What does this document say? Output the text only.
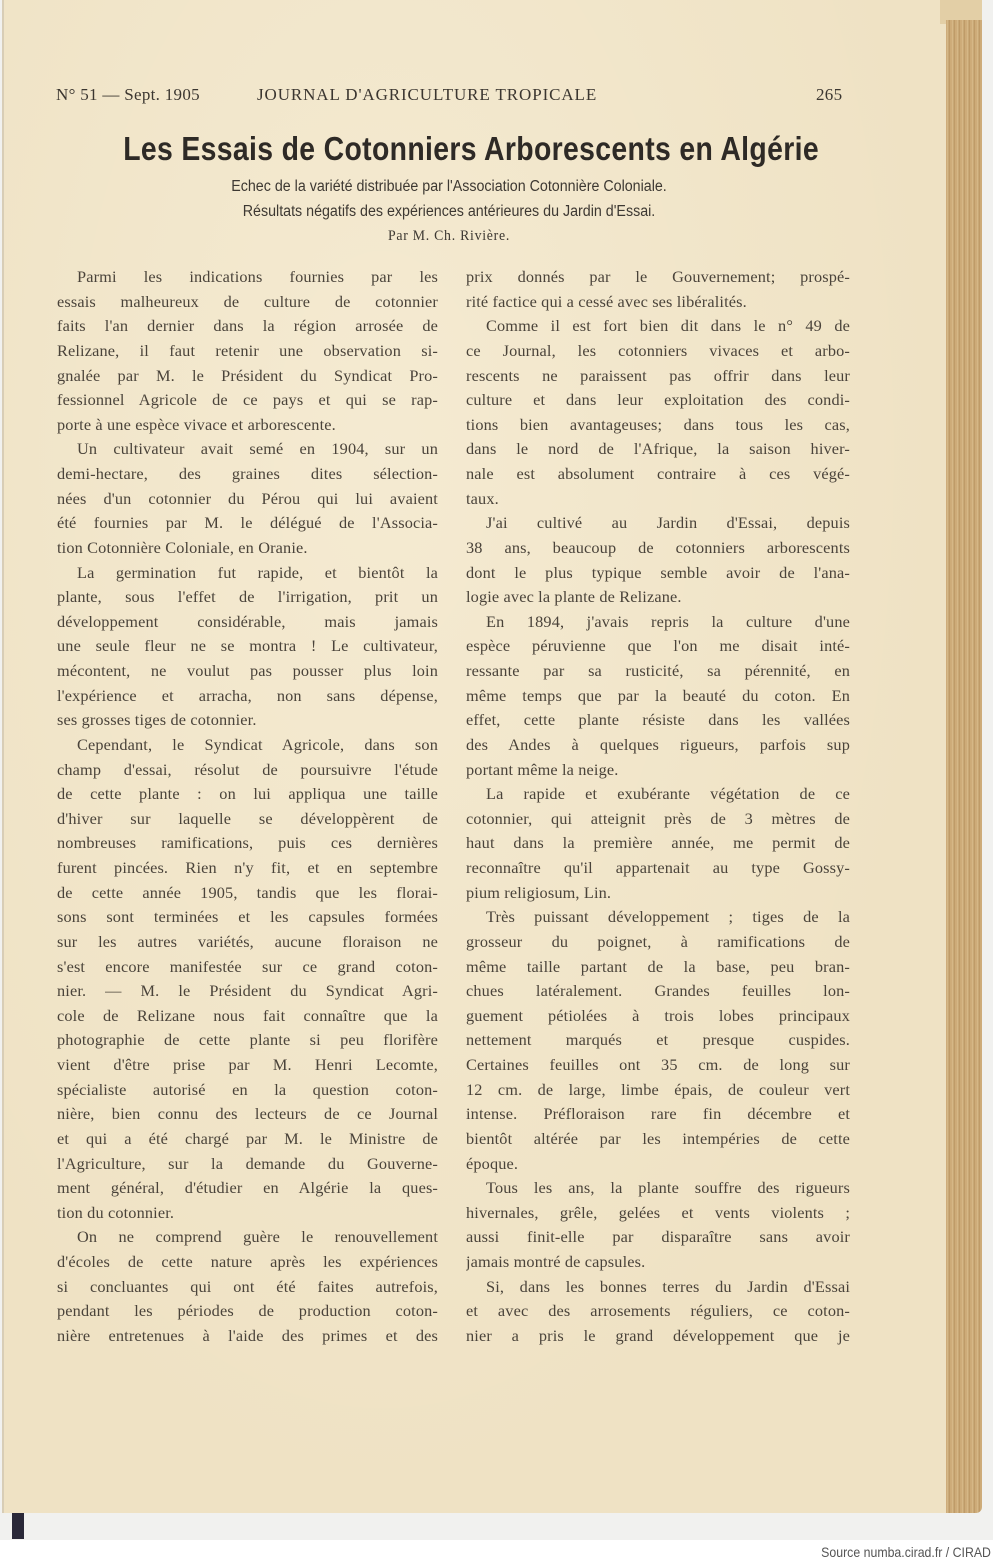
N° 51 — Sept. 1905	JOURNAL D'AGRICULTURE TROPICALE	265
Les Essais de Cotonniers Arborescents en Algérie
Echec de la variété distribuée par l'Association Cotonnière Coloniale.
Résultats négatifs des expériences antérieures du Jardin d'Essai.
Par M. Ch. Rivière.
Parmi les indications fournies par les
essais malheureux de culture de cotonnier
faits l'an dernier dans la région arrosée de
Relizane, il faut retenir une observation si-
gnalée par M. le Président du Syndicat Pro-
fessionnel Agricole de ce pays et qui se rap-
porte à une espèce vivace et arborescente.
Un cultivateur avait semé en 1904, sur un
demi-hectare, des graines dites sélection-
nées d'un cotonnier du Pérou qui lui avaient
été fournies par M. le délégué de l'Associa-
tion Cotonnière Coloniale, en Oranie.
La germination fut rapide, et bientôt la
plante, sous l'effet de l'irrigation, prit un
développement considérable, mais jamais
une seule fleur ne se montra ! Le cultivateur,
mécontent, ne voulut pas pousser plus loin
l'expérience et arracha, non sans dépense,
ses grosses tiges de cotonnier.
Cependant, le Syndicat Agricole, dans son
champ d'essai, résolut de poursuivre l'étude
de cette plante : on lui appliqua une taille
d'hiver sur laquelle se développèrent de
nombreuses ramifications, puis ces dernières
furent pincées. Rien n'y fit, et en septembre
de cette année 1905, tandis que les florai-
sons sont terminées et les capsules formées
sur les autres variétés, aucune floraison ne
s'est encore manifestée sur ce grand coton-
nier. — M. le Président du Syndicat Agri-
cole de Relizane nous fait connaître que la
photographie de cette plante si peu florifère
vient d'être prise par M. Henri Lecomte,
spécialiste autorisé en la question coton-
nière, bien connu des lecteurs de ce Journal
et qui a été chargé par M. le Ministre de
l'Agriculture, sur la demande du Gouverne-
ment général, d'étudier en Algérie la ques-
tion du cotonnier.
On ne comprend guère le renouvellement
d'écoles de cette nature après les expériences
si concluantes qui ont été faites autrefois,
pendant les périodes de production coton-
nière entretenues à l'aide des primes et des
prix donnés par le Gouvernement; prospé-
rité factice qui a cessé avec ses libéralités.
Comme il est fort bien dit dans le n° 49 de
ce Journal, les cotonniers vivaces et arbo-
rescents ne paraissent pas offrir dans leur
culture et dans leur exploitation des condi-
tions bien avantageuses; dans tous les cas,
dans le nord de l'Afrique, la saison hiver-
nale est absolument contraire à ces végé-
taux.
J'ai cultivé au Jardin d'Essai, depuis
38 ans, beaucoup de cotonniers arborescents
dont le plus typique semble avoir de l'ana-
logie avec la plante de Relizane.
En 1894, j'avais repris la culture d'une
espèce péruvienne que l'on me disait inté-
ressante par sa rusticité, sa pérennité, en
même temps que par la beauté du coton. En
effet, cette plante résiste dans les vallées
des Andes à quelques rigueurs, parfois sup
portant même la neige.
La rapide et exubérante végétation de ce
cotonnier, qui atteignit près de 3 mètres de
haut dans la première année, me permit de
reconnaître qu'il appartenait au type Gossy-
pium religiosum, Lin.
Très puissant développement ; tiges de la
grosseur du poignet, à ramifications de
même taille partant de la base, peu bran-
chues latéralement. Grandes feuilles lon-
guement pétiolées à trois lobes principaux
nettement marqués et presque cuspides.
Certaines feuilles ont 35 cm. de long sur
12 cm. de large, limbe épais, de couleur vert
intense. Préfloraison rare fin décembre et
bientôt altérée par les intempéries de cette
époque.
Tous les ans, la plante souffre des rigueurs
hivernales, grêle, gelées et vents violents ;
aussi finit-elle par disparaître sans avoir
jamais montré de capsules.
Si, dans les bonnes terres du Jardin d'Essai
et avec des arrosements réguliers, ce coton-
nier a pris le grand développement que je
Source numba.cirad.fr / CIRAD
